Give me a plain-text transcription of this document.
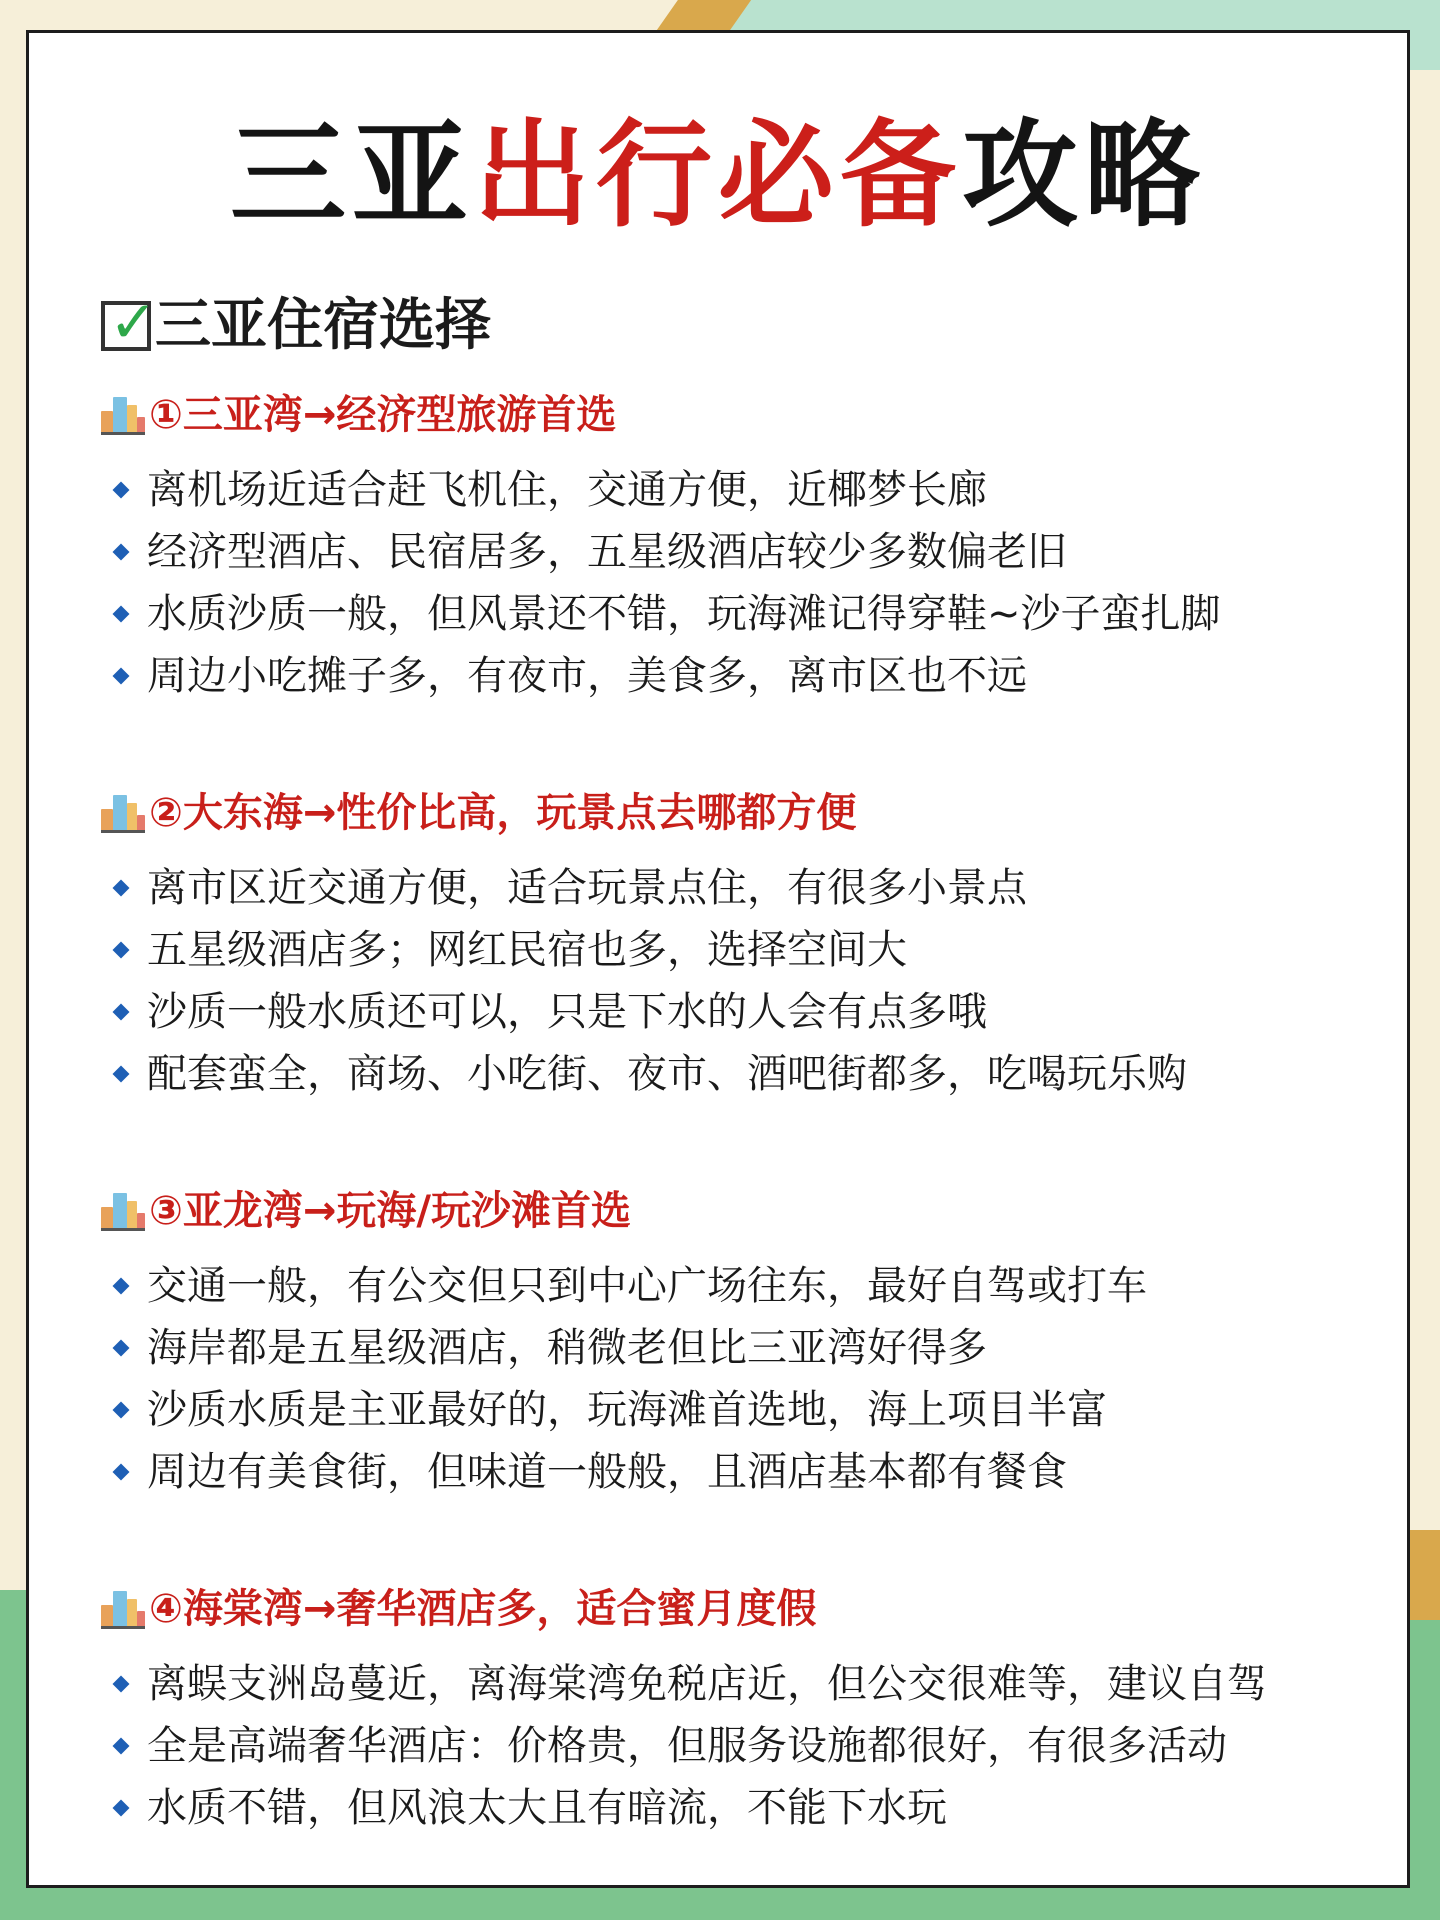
三亚出行必备攻略
✓
三亚住宿选择
①三亚湾→经济型旅游首选
离机场近适合赶飞机住，交通方便，近椰梦长廊
经济型酒店、民宿居多，五星级酒店较少多数偏老旧
水质沙质一般，但风景还不错，玩海滩记得穿鞋~沙子蛮扎脚
周边小吃摊子多，有夜市，美食多，离市区也不远
②大东海→性价比高，玩景点去哪都方便
离市区近交通方便，适合玩景点住，有很多小景点
五星级酒店多；网红民宿也多，选择空间大
沙质一般水质还可以，只是下水的人会有点多哦
配套蛮全，商场、小吃街、夜市、酒吧街都多，吃喝玩乐购
③亚龙湾→玩海/玩沙滩首选
交通一般，有公交但只到中心广场往东，最好自驾或打车
海岸都是五星级酒店，稍微老但比三亚湾好得多
沙质水质是主亚最好的，玩海滩首选地，海上项目半富
周边有美食街，但味道一般般，且酒店基本都有餐食
④海棠湾→奢华酒店多，适合蜜月度假
离蜈支洲岛蔓近，离海棠湾免税店近，但公交很难等，建议自驾
全是高端奢华酒店：价格贵，但服务设施都很好，有很多活动
水质不错，但风浪太大且有暗流，不能下水玩
